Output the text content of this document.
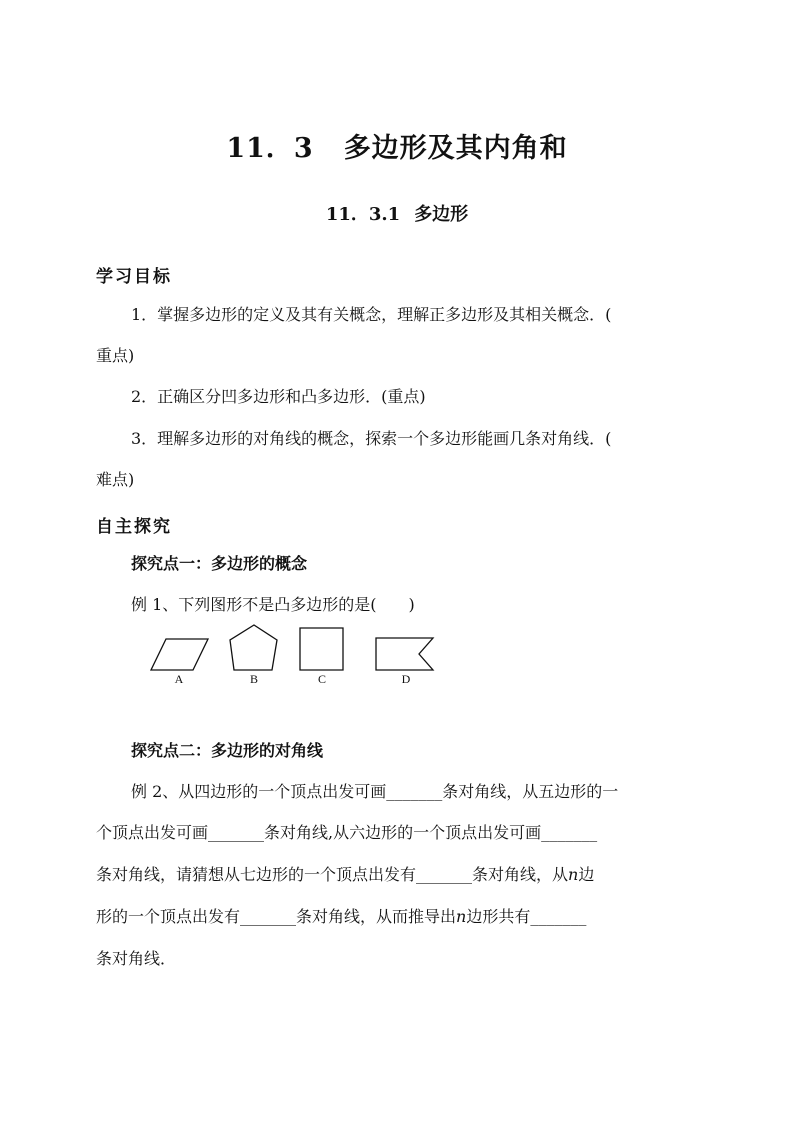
11．3 多边形及其内角和
11．3.1 多边形
学习目标
1．掌握多边形的定义及其有关概念，理解正多边形及其相关概念．(
重点)
2．正确区分凹多边形和凸多边形．(重点)
3．理解多边形的对角线的概念，探索一个多边形能画几条对角线．(
难点)
自主探究
探究点一：多边形的概念
例 1、下列图形不是凸多边形的是(　　)
A	B	C	D
探究点二：多边形的对角线
例 2、从四边形的一个顶点出发可画_______条对角线，从五边形的一
个顶点出发可画_______条对角线,从六边形的一个顶点出发可画_______
条对角线，请猜想从七边形的一个顶点出发有_______条对角线，从n边
形的一个顶点出发有_______条对角线，从而推导出n边形共有_______
条对角线．
